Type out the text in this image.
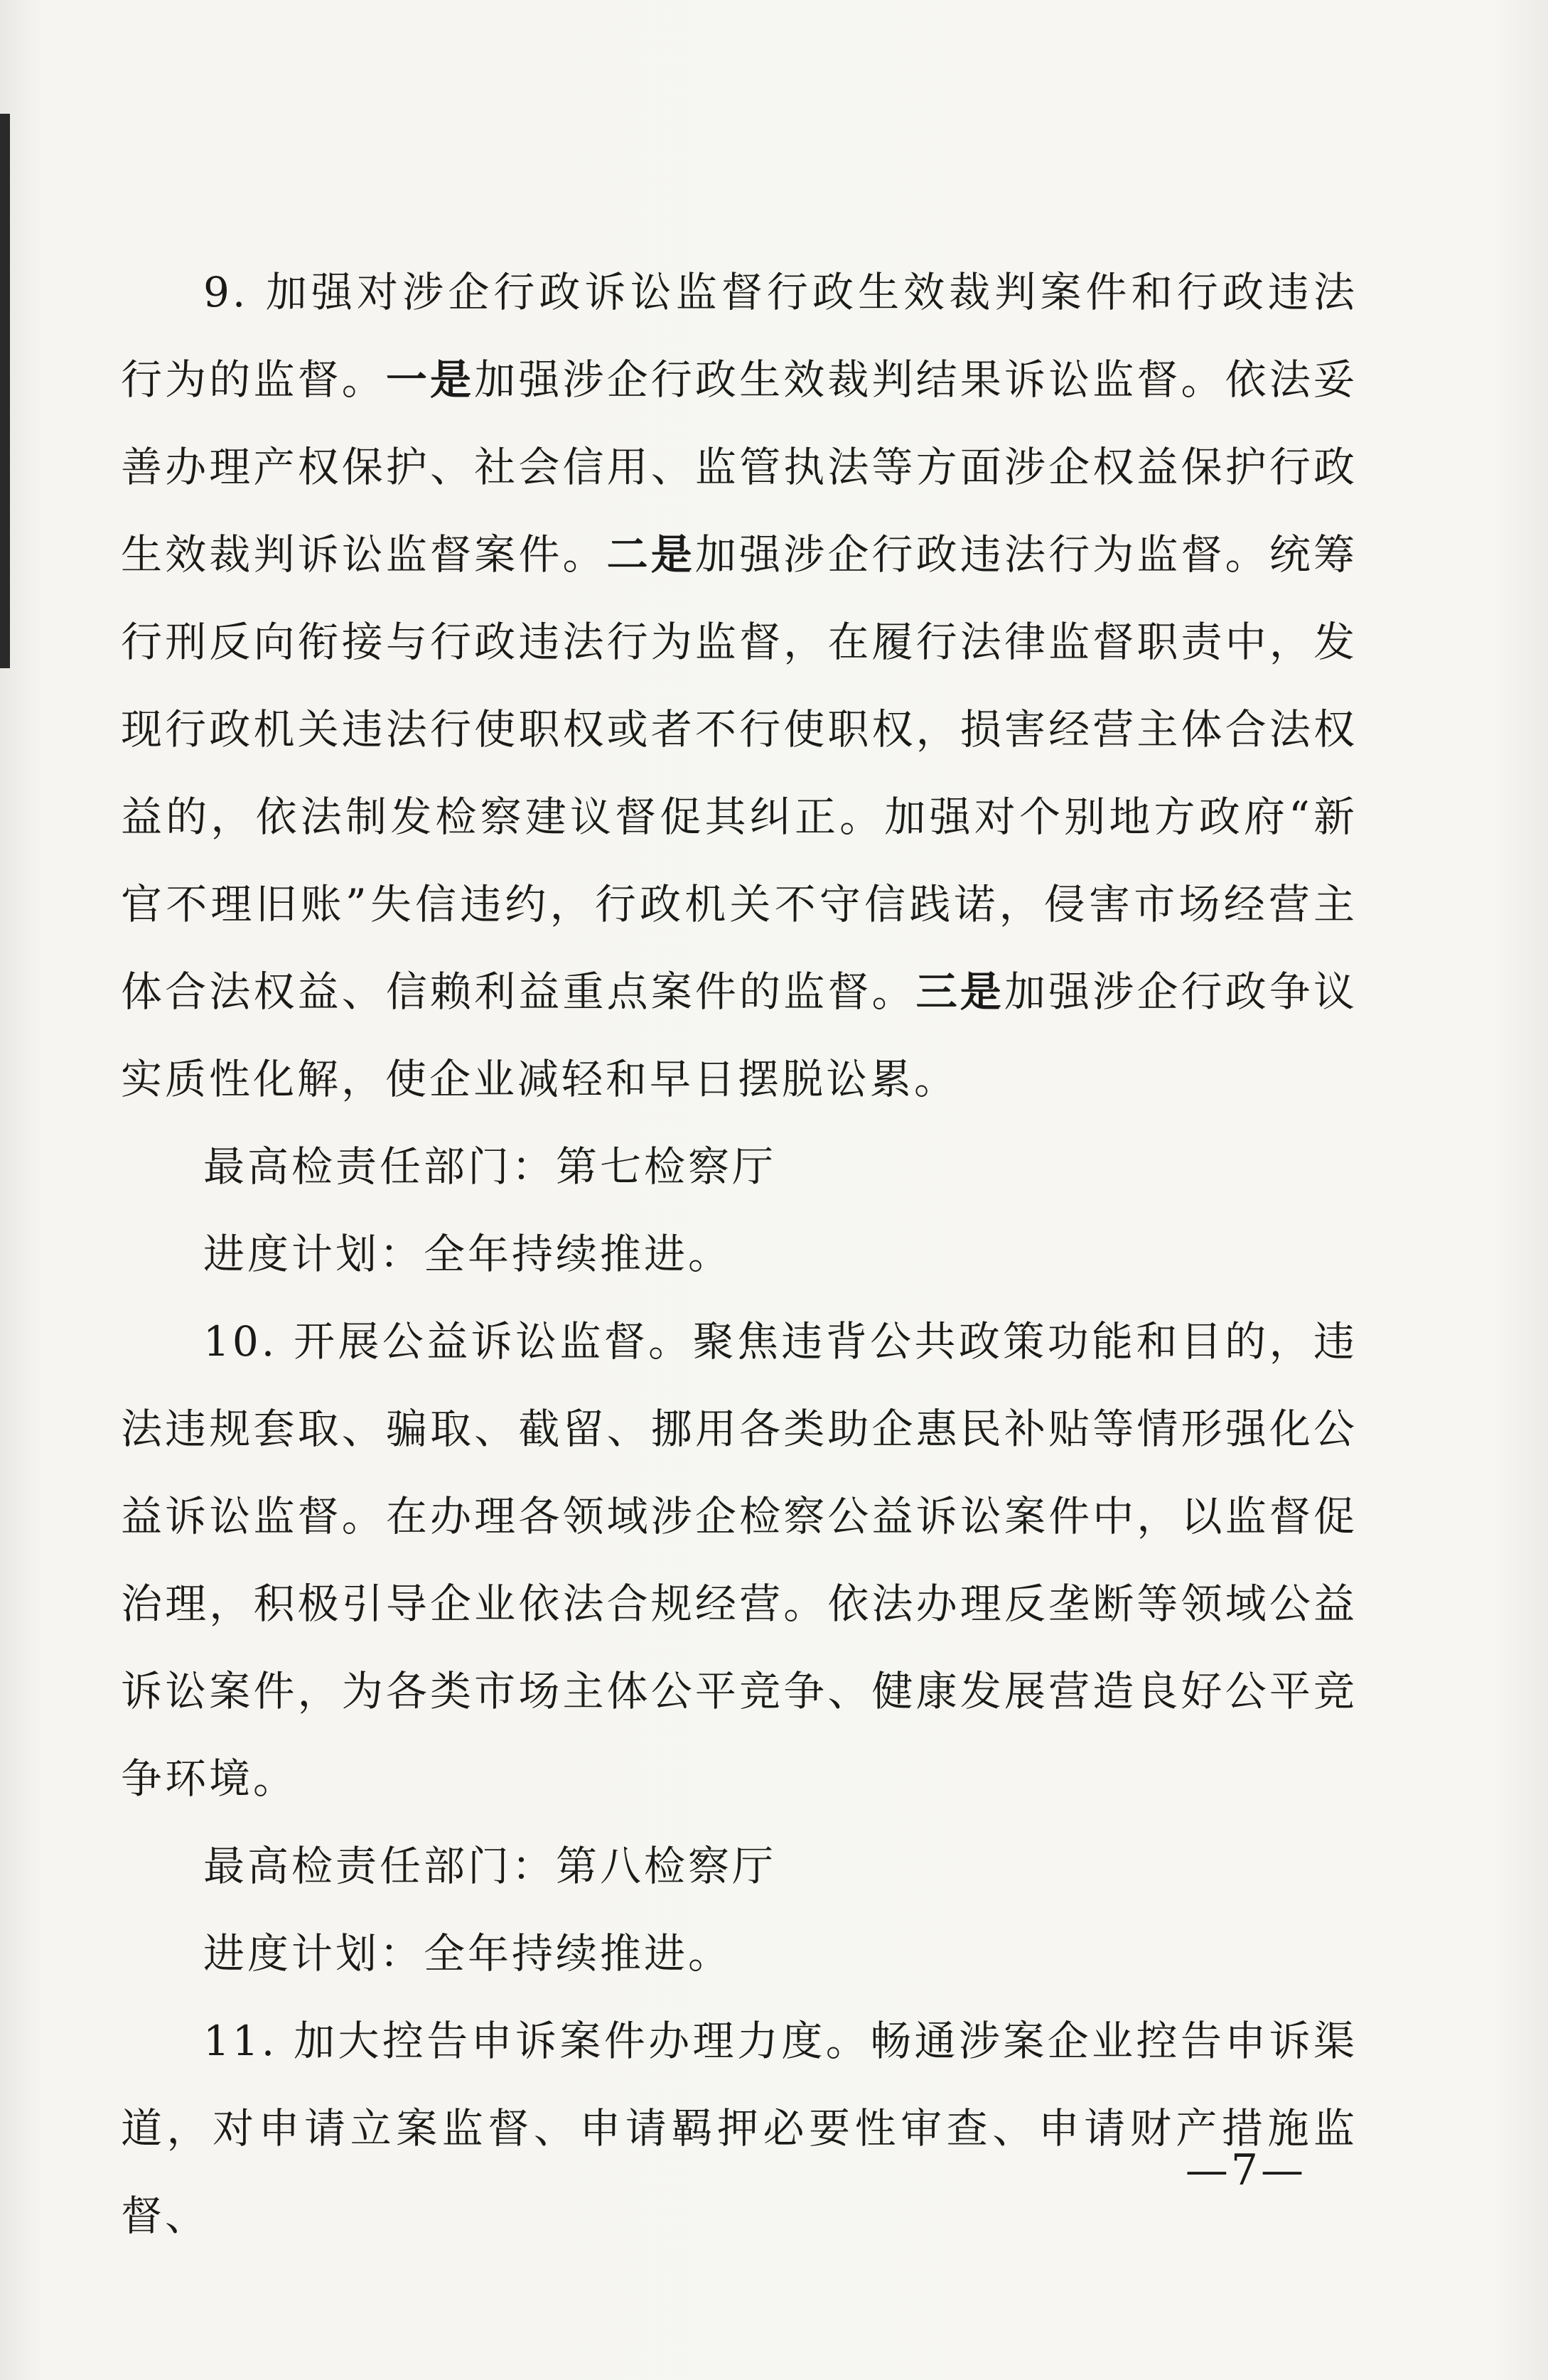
9. 加强对涉企行政诉讼监督行政生效裁判案件和行政违法行为的监督。一是加强涉企行政生效裁判结果诉讼监督。依法妥善办理产权保护、社会信用、监管执法等方面涉企权益保护行政生效裁判诉讼监督案件。二是加强涉企行政违法行为监督。统筹行刑反向衔接与行政违法行为监督，在履行法律监督职责中，发现行政机关违法行使职权或者不行使职权，损害经营主体合法权益的，依法制发检察建议督促其纠正。加强对个别地方政府“新官不理旧账”失信违约，行政机关不守信践诺，侵害市场经营主体合法权益、信赖利益重点案件的监督。三是加强涉企行政争议实质性化解，使企业减轻和早日摆脱讼累。

最高检责任部门：第七检察厅

进度计划：全年持续推进。

10. 开展公益诉讼监督。聚焦违背公共政策功能和目的，违法违规套取、骗取、截留、挪用各类助企惠民补贴等情形强化公益诉讼监督。在办理各领域涉企检察公益诉讼案件中，以监督促治理，积极引导企业依法合规经营。依法办理反垄断等领域公益诉讼案件，为各类市场主体公平竞争、健康发展营造良好公平竞争环境。

最高检责任部门：第八检察厅

进度计划：全年持续推进。

11. 加大控告申诉案件办理力度。畅通涉案企业控告申诉渠道，对申请立案监督、申请羁押必要性审查、申请财产措施监督、

—7—
